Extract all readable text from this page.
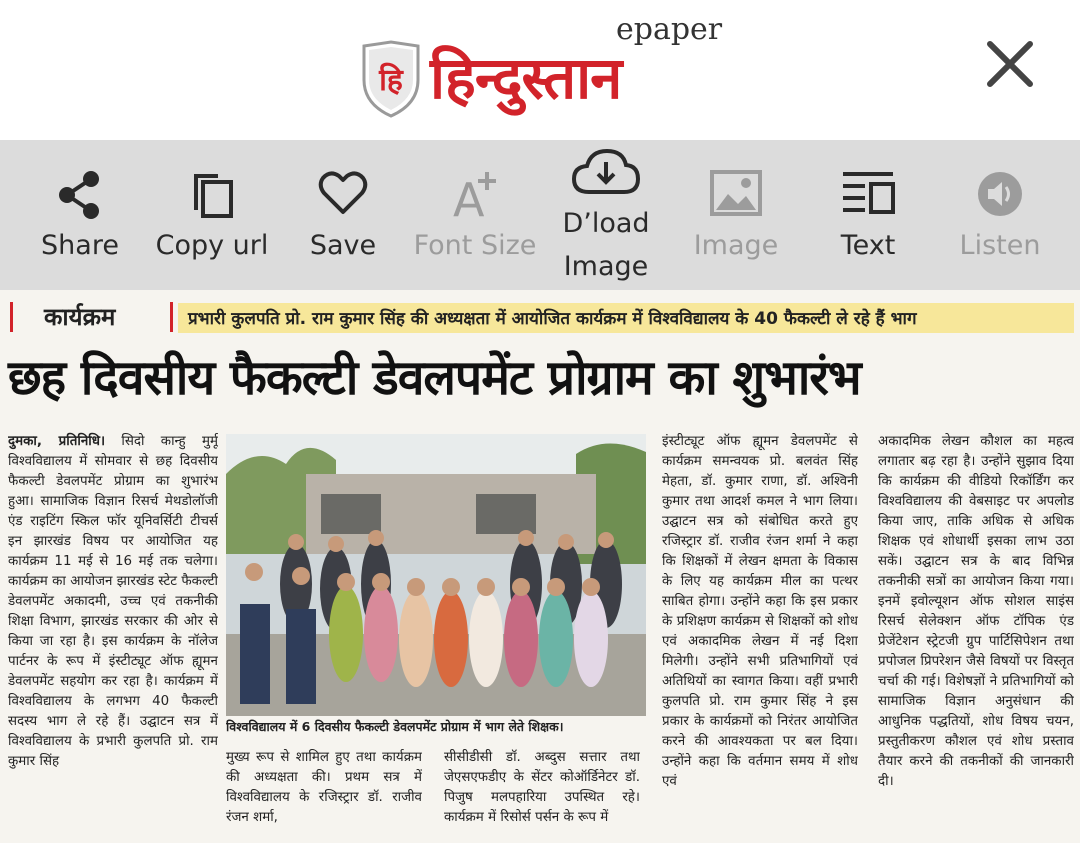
हि हिन्दुस्तान
epaper
Share	Copy url	Save
A
Font Size
D’load
Image
Image	Text	Listen
कार्यक्रम	प्रभारी कुलपति प्रो. राम कुमार सिंह की अध्यक्षता में आयोजित कार्यक्रम में विश्वविद्यालय के 40 फैकल्टी ले रहे हैं भाग
छह दिवसीय फैकल्टी डेवलपमेंट प्रोग्राम का शुभारंभ
दुमका, प्रतिनिधि। सिदो कान्हु मुर्मू विश्वविद्यालय में सोमवार से छह दिवसीय फैकल्टी डेवलपमेंट प्रोग्राम का शुभारंभ हुआ। सामाजिक विज्ञान रिसर्च मेथडोलॉजी एंड राइटिंग स्किल फॉर यूनिवर्सिटी टीचर्स इन झारखंड विषय पर आयोजित यह कार्यक्रम 11 मई से 16 मई तक चलेगा। कार्यक्रम का आयोजन झारखंड स्टेट फैकल्टी डेवलपमेंट अकादमी, उच्च एवं तकनीकी शिक्षा विभाग, झारखंड सरकार की ओर से किया जा रहा है। इस कार्यक्रम के नॉलेज पार्टनर के रूप में इंस्टीट्यूट ऑफ ह्यूमन डेवलपमेंट सहयोग कर रहा है। कार्यक्रम में विश्वविद्यालय के लगभग 40 फैकल्टी सदस्य भाग ले रहे हैं। उद्घाटन सत्र में विश्वविद्यालय के प्रभारी कुलपति प्रो. राम कुमार सिंह
विश्वविद्यालय में 6 दिवसीय फैकल्टी डेवलपमेंट प्रोग्राम में भाग लेते शिक्षक।
मुख्य रूप से शामिल हुए तथा कार्यक्रम की अध्यक्षता की। प्रथम सत्र में विश्वविद्यालय के रजिस्ट्रार डॉ. राजीव रंजन शर्मा,
सीसीडीसी डॉ. अब्दुस सत्तार तथा जेएसएफडीए के सेंटर कोऑर्डिनेटर डॉ. पिजुष मलपहारिया उपस्थित रहे। कार्यक्रम में रिसोर्स पर्सन के रूप में
इंस्टीट्यूट ऑफ ह्यूमन डेवलपमेंट से कार्यक्रम समन्वयक प्रो. बलवंत सिंह मेहता, डॉ. कुमार राणा, डॉ. अश्विनी कुमार तथा आदर्श कमल ने भाग लिया। उद्घाटन सत्र को संबोधित करते हुए रजिस्ट्रार डॉ. राजीव रंजन शर्मा ने कहा कि शिक्षकों में लेखन क्षमता के विकास के लिए यह कार्यक्रम मील का पत्थर साबित होगा। उन्होंने कहा कि इस प्रकार के प्रशिक्षण कार्यक्रम से शिक्षकों को शोध एवं अकादमिक लेखन में नई दिशा मिलेगी। उन्होंने सभी प्रतिभागियों एवं अतिथियों का स्वागत किया। वहीं प्रभारी कुलपति प्रो. राम कुमार सिंह ने इस प्रकार के कार्यक्रमों को निरंतर आयोजित करने की आवश्यकता पर बल दिया। उन्होंने कहा कि वर्तमान समय में शोध एवं
अकादमिक लेखन कौशल का महत्व लगातार बढ़ रहा है। उन्होंने सुझाव दिया कि कार्यक्रम की वीडियो रिकॉर्डिंग कर विश्वविद्यालय की वेबसाइट पर अपलोड किया जाए, ताकि अधिक से अधिक शिक्षक एवं शोधार्थी इसका लाभ उठा सकें। उद्घाटन सत्र के बाद विभिन्न तकनीकी सत्रों का आयोजन किया गया। इनमें इवोल्यूशन ऑफ सोशल साइंस रिसर्च सेलेक्शन ऑफ टॉपिक एंड प्रेजेंटेशन स्ट्रेटजी ग्रुप पार्टिसिपेशन तथा प्रपोजल प्रिपरेशन जैसे विषयों पर विस्तृत चर्चा की गई। विशेषज्ञों ने प्रतिभागियों को सामाजिक विज्ञान अनुसंधान की आधुनिक पद्धतियों, शोध विषय चयन, प्रस्तुतीकरण कौशल एवं शोध प्रस्ताव तैयार करने की तकनीकों की जानकारी दी।
